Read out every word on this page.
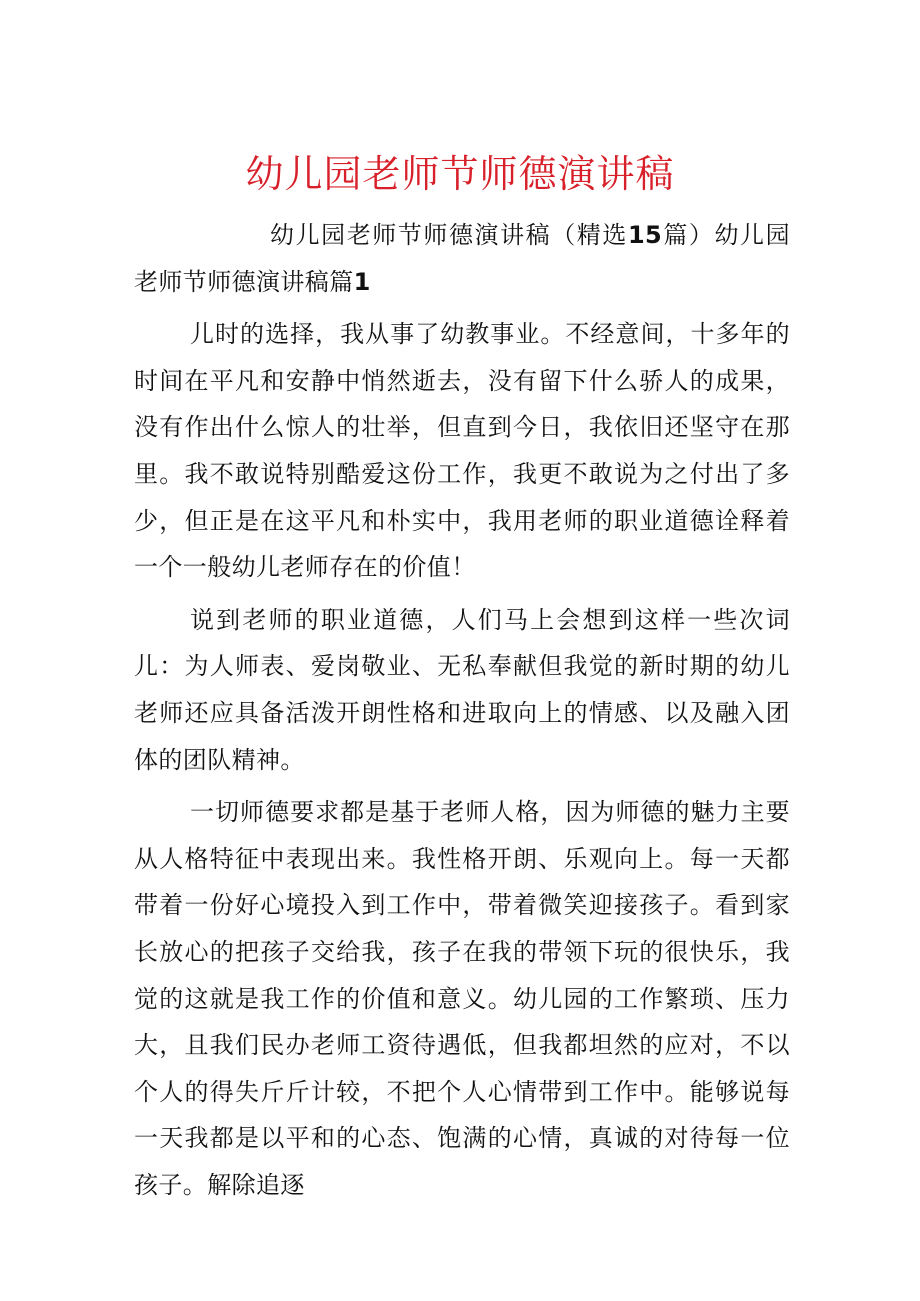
幼儿园老师节师德演讲稿

幼儿园老师节师德演讲稿（精选15篇）幼儿园老师节师德演讲稿篇1

儿时的选择，我从事了幼教事业。不经意间，十多年的时间在平凡和安静中悄然逝去，没有留下什么骄人的成果，没有作出什么惊人的壮举，但直到今日，我依旧还坚守在那里。我不敢说特别酷爱这份工作，我更不敢说为之付出了多少，但正是在这平凡和朴实中，我用老师的职业道德诠释着一个一般幼儿老师存在的价值！

说到老师的职业道德，人们马上会想到这样一些次词儿：为人师表、爱岗敬业、无私奉献但我觉的新时期的幼儿老师还应具备活泼开朗性格和进取向上的情感、以及融入团体的团队精神。

一切师德要求都是基于老师人格，因为师德的魅力主要从人格特征中表现出来。我性格开朗、乐观向上。每一天都带着一份好心境投入到工作中，带着微笑迎接孩子。看到家长放心的把孩子交给我，孩子在我的带领下玩的很快乐，我觉的这就是我工作的价值和意义。幼儿园的工作繁琐、压力大，且我们民办老师工资待遇低，但我都坦然的应对，不以个人的得失斤斤计较，不把个人心情带到工作中。能够说每一天我都是以平和的心态、饱满的心情，真诚的对待每一位孩子。解除追逐
